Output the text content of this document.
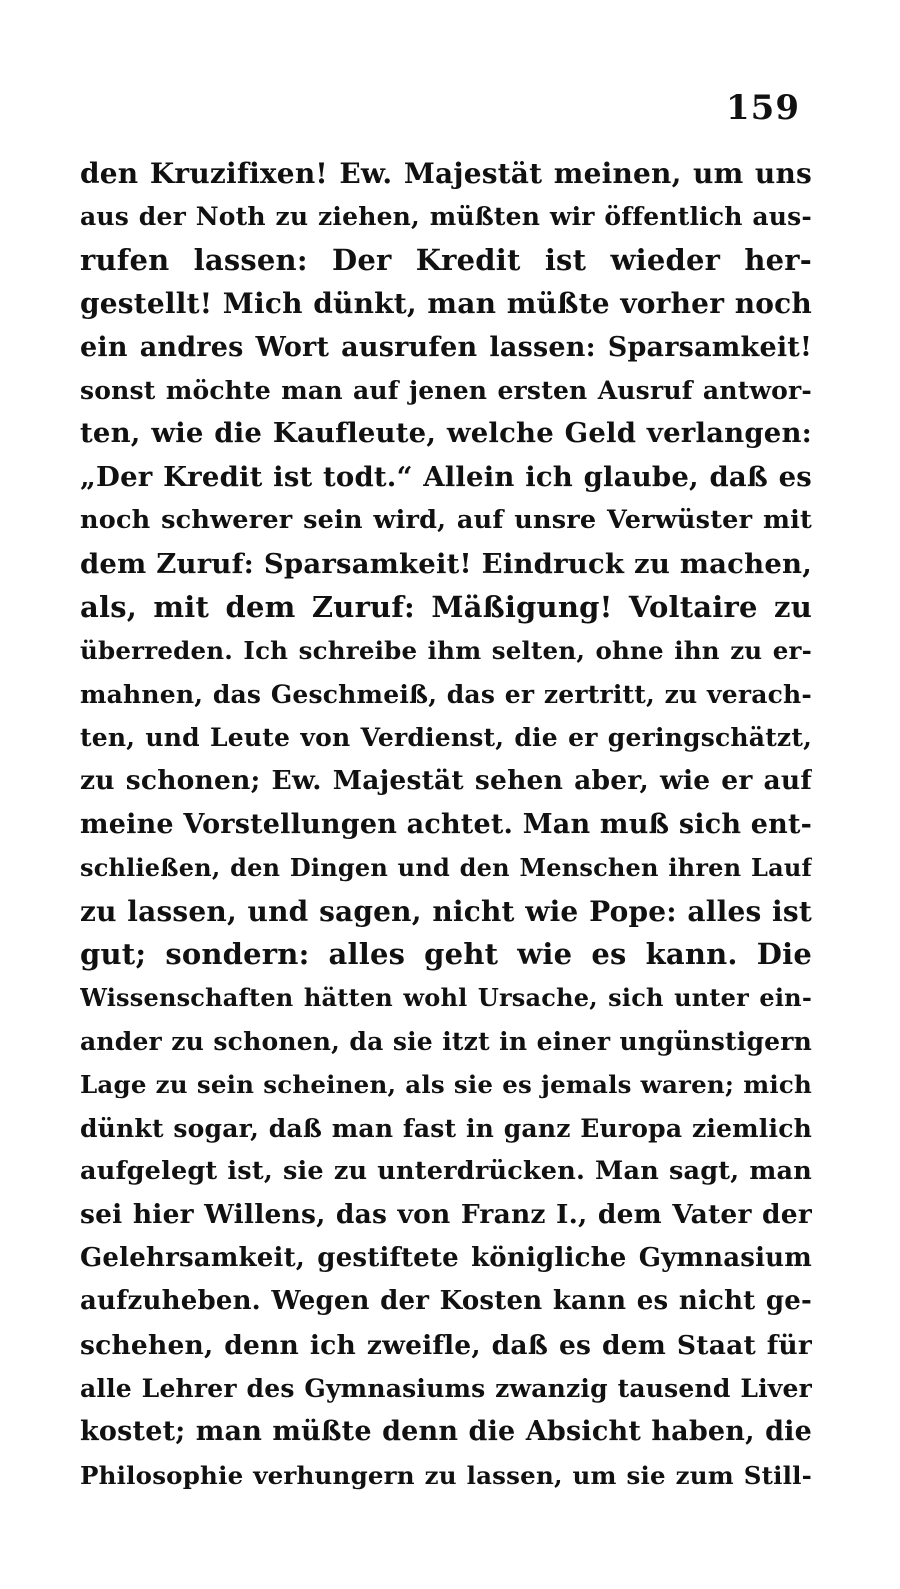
159
den Kruzifixen! Ew. Majestät meinen, um uns
aus der Noth zu ziehen, müßten wir öffentlich aus-
rufen lassen: Der Kredit ist wieder her-
gestellt! Mich dünkt, man müßte vorher noch
ein andres Wort ausrufen lassen: Sparsamkeit!
sonst möchte man auf jenen ersten Ausruf antwor-
ten, wie die Kaufleute, welche Geld verlangen:
„Der Kredit ist todt.“ Allein ich glaube, daß es
noch schwerer sein wird, auf unsre Verwüster mit
dem Zuruf: Sparsamkeit! Eindruck zu machen,
als, mit dem Zuruf: Mäßigung! Voltaire zu
überreden. Ich schreibe ihm selten, ohne ihn zu er-
mahnen, das Geschmeiß, das er zertritt, zu verach-
ten, und Leute von Verdienst, die er geringschätzt,
zu schonen; Ew. Majestät sehen aber, wie er auf
meine Vorstellungen achtet. Man muß sich ent-
schließen, den Dingen und den Menschen ihren Lauf
zu lassen, und sagen, nicht wie Pope: alles ist
gut; sondern: alles geht wie es kann. Die
Wissenschaften hätten wohl Ursache, sich unter ein-
ander zu schonen, da sie itzt in einer ungünstigern
Lage zu sein scheinen, als sie es jemals waren; mich
dünkt sogar, daß man fast in ganz Europa ziemlich
aufgelegt ist, sie zu unterdrücken. Man sagt, man
sei hier Willens, das von Franz I., dem Vater der
Gelehrsamkeit, gestiftete königliche Gymnasium
aufzuheben. Wegen der Kosten kann es nicht ge-
schehen, denn ich zweifle, daß es dem Staat für
alle Lehrer des Gymnasiums zwanzig tausend Liver
kostet; man müßte denn die Absicht haben, die
Philosophie verhungern zu lassen, um sie zum Still-
